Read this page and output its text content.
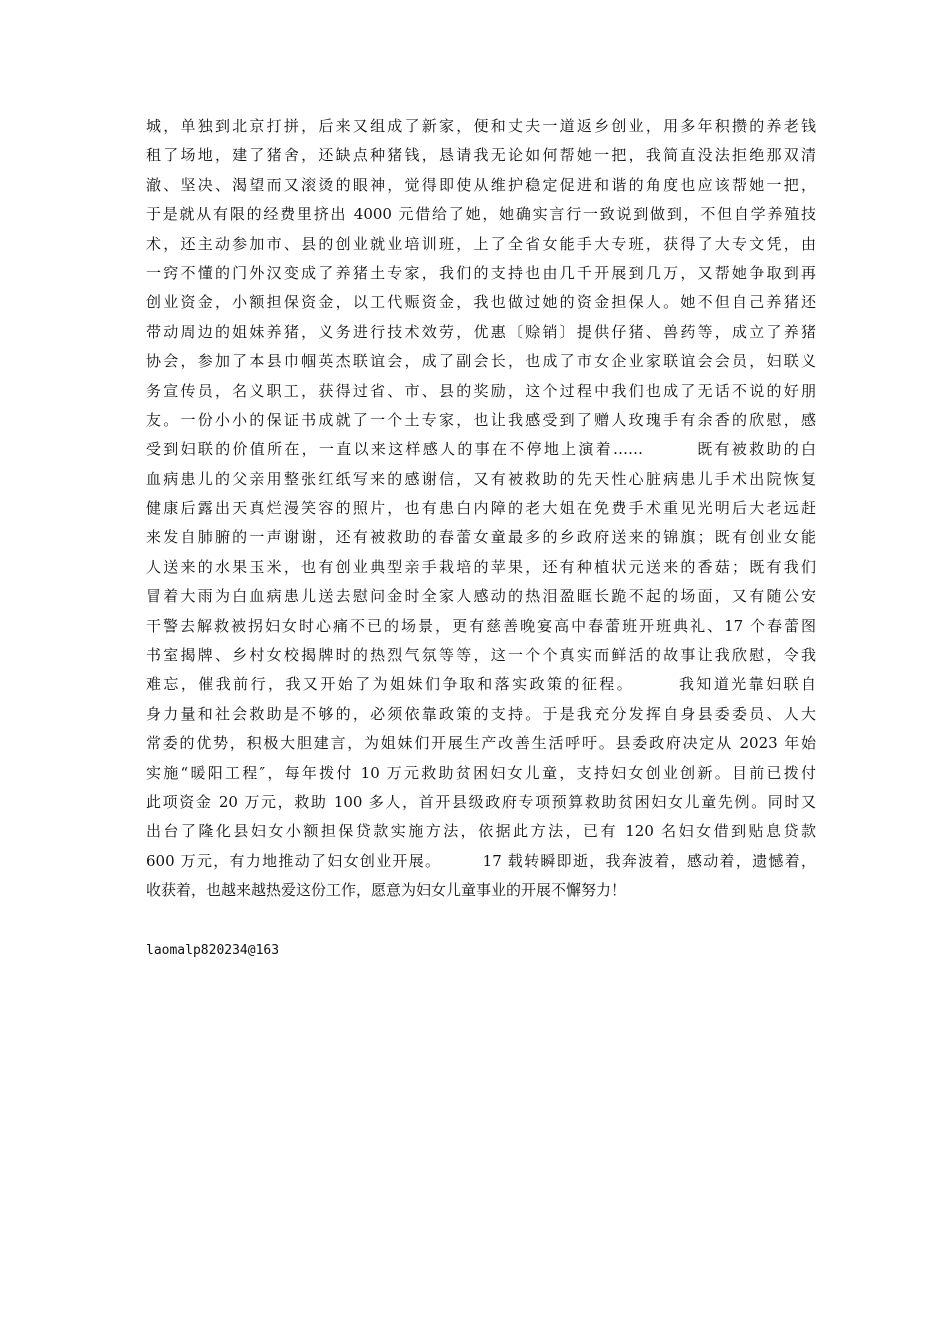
城，单独到北京打拼，后来又组成了新家，便和丈夫一道返乡创业，用多年积攒的养老钱
租了场地，建了猪舍，还缺点种猪钱，恳请我无论如何帮她一把，我简直没法拒绝那双清
澈、坚决、渴望而又滚烫的眼神，觉得即使从维护稳定促进和谐的角度也应该帮她一把，
于是就从有限的经费里挤出 4000 元借给了她，她确实言行一致说到做到，不但自学养殖技
术，还主动参加市、县的创业就业培训班，上了全省女能手大专班，获得了大专文凭，由
一窍不懂的门外汉变成了养猪土专家，我们的支持也由几千开展到几万，又帮她争取到再
创业资金，小额担保资金，以工代赈资金，我也做过她的资金担保人。她不但自己养猪还
带动周边的姐妹养猪，义务进行技术效劳，优惠〔赊销〕提供仔猪、兽药等，成立了养猪
协会，参加了本县巾帼英杰联谊会，成了副会长，也成了市女企业家联谊会会员，妇联义
务宣传员，名义职工，获得过省、市、县的奖励，这个过程中我们也成了无话不说的好朋
友。一份小小的保证书成就了一个土专家，也让我感受到了赠人玫瑰手有余香的欣慰，感
受到妇联的价值所在，一直以来这样感人的事在不停地上演着……　　　既有被救助的白
血病患儿的父亲用整张红纸写来的感谢信，又有被救助的先天性心脏病患儿手术出院恢复
健康后露出天真烂漫笑容的照片，也有患白内障的老大姐在免费手术重见光明后大老远赶
来发自肺腑的一声谢谢，还有被救助的春蕾女童最多的乡政府送来的锦旗；既有创业女能
人送来的水果玉米，也有创业典型亲手栽培的苹果，还有种植状元送来的香菇；既有我们
冒着大雨为白血病患儿送去慰问金时全家人感动的热泪盈眶长跪不起的场面，又有随公安
干警去解救被拐妇女时心痛不已的场景，更有慈善晚宴高中春蕾班开班典礼、17 个春蕾图
书室揭牌、乡村女校揭牌时的热烈气氛等等，这一个个真实而鲜活的故事让我欣慰，令我
难忘，催我前行，我又开始了为姐妹们争取和落实政策的征程。　　　我知道光靠妇联自
身力量和社会救助是不够的，必须依靠政策的支持。于是我充分发挥自身县委委员、人大
常委的优势，积极大胆建言，为姐妹们开展生产改善生活呼吁。县委政府决定从 2023 年始
实施“暖阳工程″，每年拨付 10 万元救助贫困妇女儿童，支持妇女创业创新。目前已拨付
此项资金 20 万元，救助 100 多人，首开县级政府专项预算救助贫困妇女儿童先例。同时又
出台了隆化县妇女小额担保贷款实施方法，依据此方法，已有 120 名妇女借到贴息贷款
600 万元，有力地推动了妇女创业开展。　　　17 载转瞬即逝，我奔波着，感动着，遗憾着，
收获着，也越来越热爱这份工作，愿意为妇女儿童事业的开展不懈努力！
laomalp820234@163
